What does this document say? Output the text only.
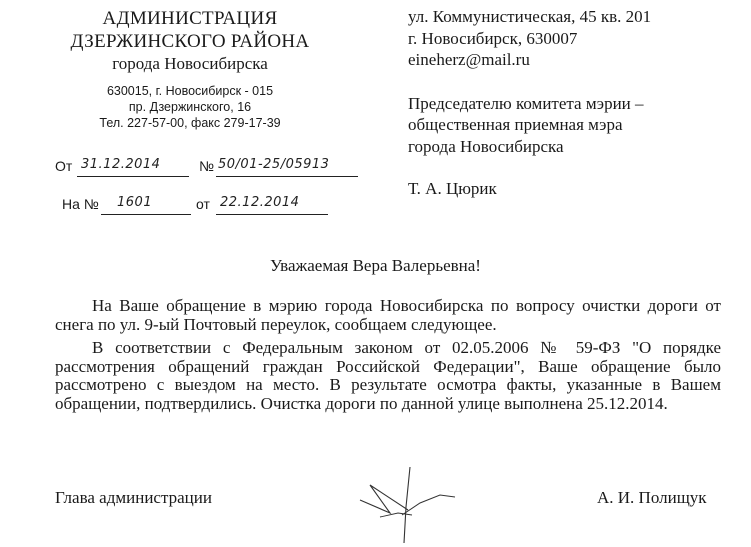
АДМИНИСТРАЦИЯ
ДЗЕРЖИНСКОГО РАЙОНА
города Новосибирска
630015, г. Новосибирск - 015
пр. Дзержинского, 16
Тел. 227-57-00, факс 279-17-39
От 31.12.2014	№ 50/01-25/05913
На № 1601	от 22.12.2014
ул. Коммунистическая, 45 кв. 201
г. Новосибирск, 630007
eineherz@mail.ru
Председателю комитета мэрии –
общественная приемная мэра
города Новосибирска
Т. А. Цюрик
Уважаемая Вера Валерьевна!
На Ваше обращение в мэрию города Новосибирска по вопросу очистки дороги от снега по ул. 9-ый Почтовый переулок, сообщаем следующее.
В соответствии с Федеральным законом от 02.05.2006 № 59-ФЗ "О порядке рассмотрения обращений граждан Российской Федерации", Ваше обращение было рассмотрено с выездом на место. В результате осмотра факты, указанные в Вашем обращении, подтвердились. Очистка дороги по данной улице выполнена 25.12.2014.
Глава администрации	А. И. Полищук
